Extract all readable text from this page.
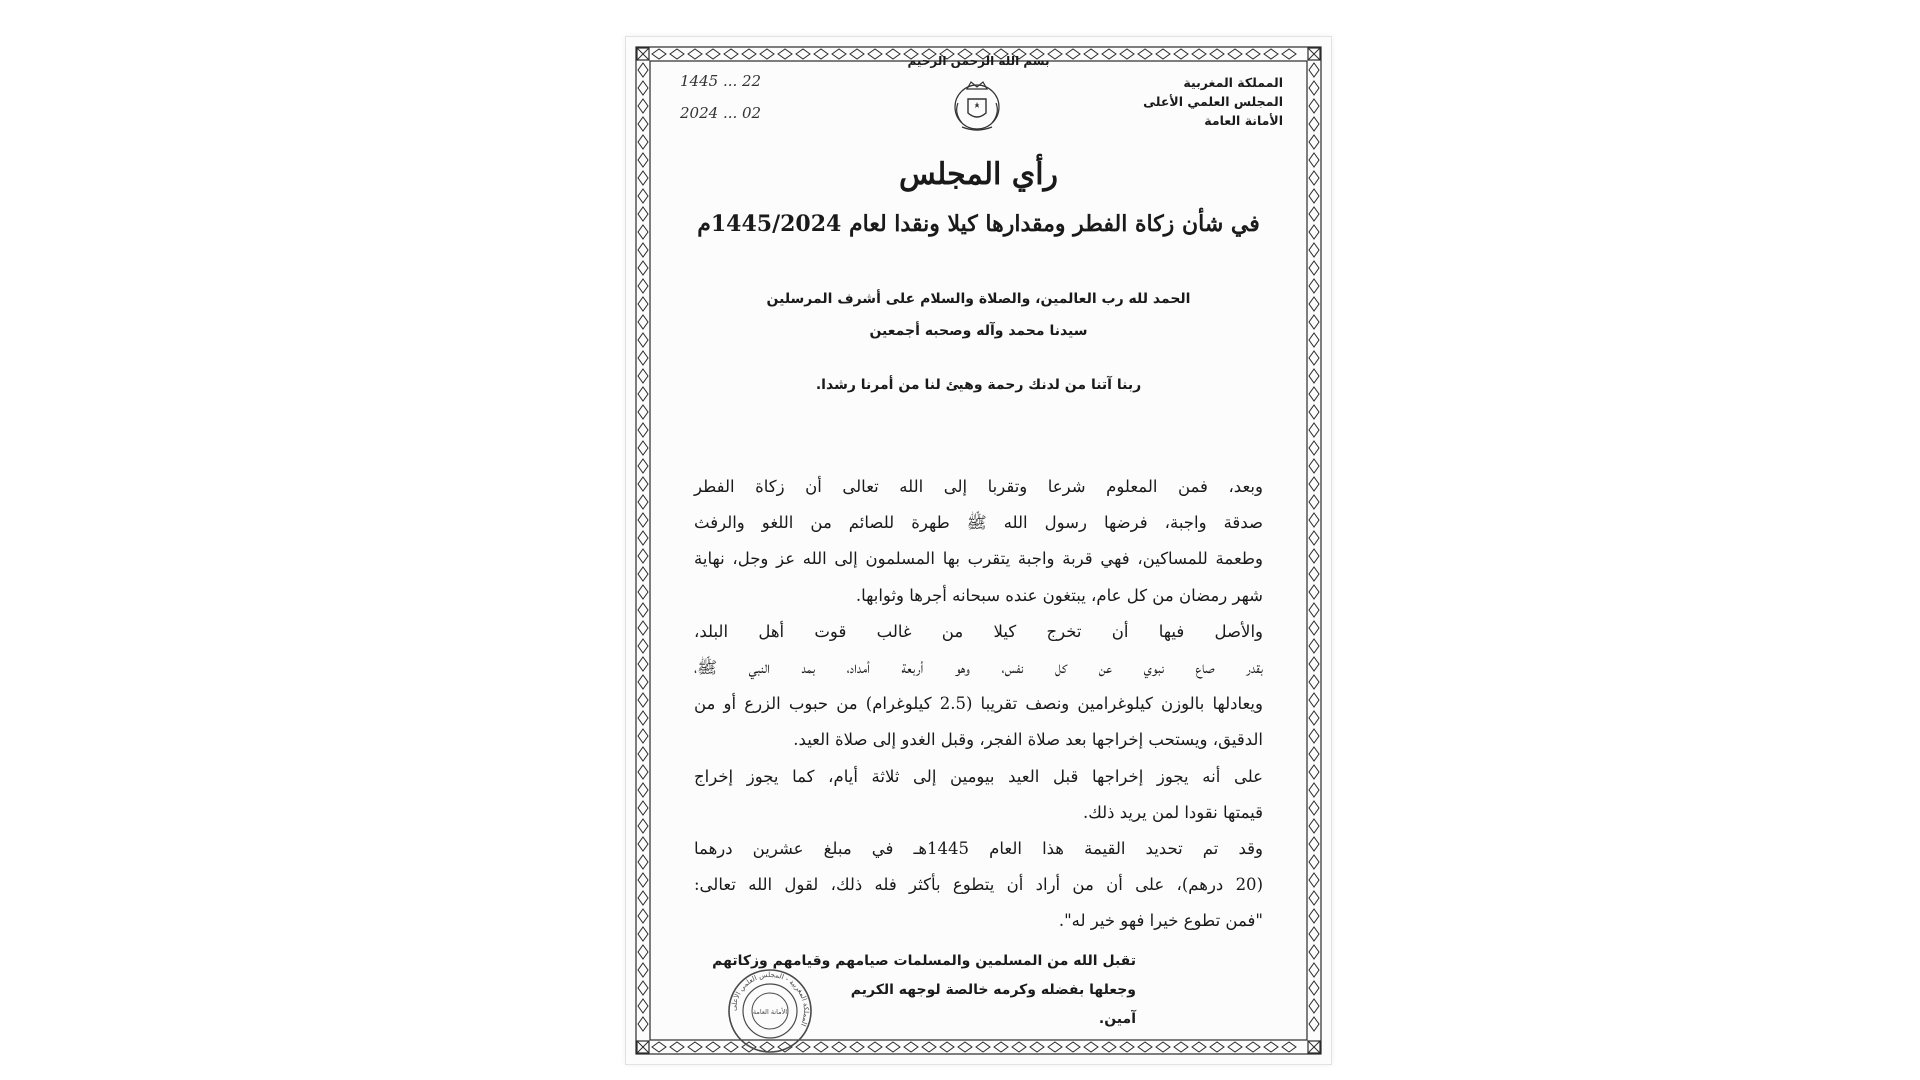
بسم الله الرحمن الرحيم
المملكة المغربية
المجلس العلمي الأعلى
الأمانة العامة
1445 ... 22
2024 ... 02
رأي المجلس
في شأن زكاة الفطر ومقدارها كيلا ونقدا لعام 1445/2024م
الحمد لله رب العالمين، والصلاة والسلام على أشرف المرسلين
سيدنا محمد وآله وصحبه أجمعين
ربنا آتنا من لدنك رحمة وهيئ لنا من أمرنا رشدا.
وبعد، فمن المعلوم شرعا وتقربا إلى الله تعالى أن زكاة الفطر
صدقة واجبة، فرضها رسول الله ﷺ طهرة للصائم من اللغو والرفث
وطعمة للمساكين، فهي قربة واجبة يتقرب بها المسلمون إلى الله عز وجل، نهاية
شهر رمضان من كل عام، يبتغون عنده سبحانه أجرها وثوابها.
والأصل فيها أن تخرج كيلا من غالب قوت أهل البلد،
بقدر صاع نبوي عن كل نفس، وهو أربعة أمداد، بمد النبي ﷺ،
ويعادلها بالوزن كيلوغرامين ونصف تقريبا (2.5 كيلوغرام) من حبوب الزرع أو من
الدقيق، ويستحب إخراجها بعد صلاة الفجر، وقبل الغدو إلى صلاة العيد.
على أنه يجوز إخراجها قبل العيد بيومين إلى ثلاثة أيام، كما يجوز إخراج
قيمتها نقودا لمن يريد ذلك.
وقد تم تحديد القيمة هذا العام 1445هـ في مبلغ عشرين درهما
(20 درهم)، على أن من أراد أن يتطوع بأكثر فله ذلك، لقول الله تعالى:
"فمن تطوع خيرا فهو خير له".
تقبل الله من المسلمين والمسلمات صيامهم وقيامهم وزكاتهم
وجعلها بفضله وكرمه خالصة لوجهه الكريم
آمين.
المملكة المغربية - المجلس العلمي الأعلى
الأمانة العامة
